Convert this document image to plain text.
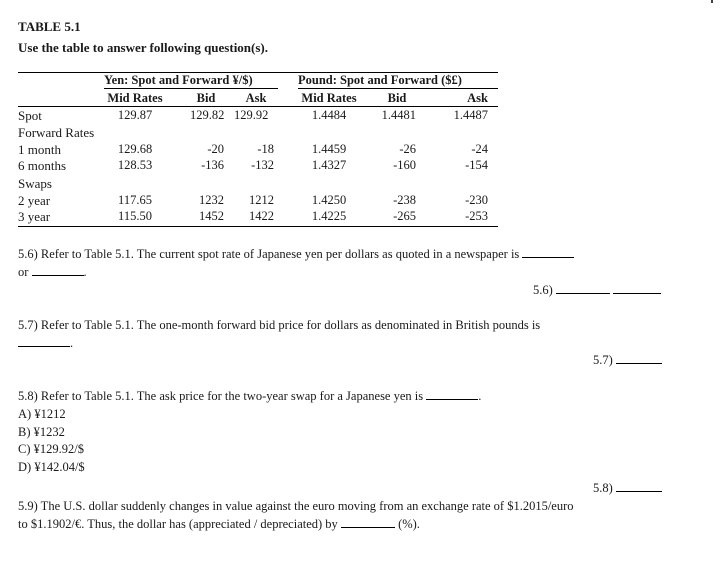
TABLE 5.1
Use the table to answer following question(s).
Yen: Spot and Forward ¥/$)	Pound: Spot and Forward ($£)
Mid Rates	Bid	Ask	Mid Rates	Bid	Ask
Spot	129.87	129.82 129.92	1.4484	1.4481	1.4487
Forward Rates
1 month	129.68	-20	-18	1.4459	-26	-24
6 months	128.53	-136	-132	1.4327	-160	-154
Swaps
2 year	117.65	1232	1212	1.4250	-238	-230
3 year	115.50	1452	1422	1.4225	-265	-253
5.6) Refer to Table 5.1. The current spot rate of Japanese yen per dollars as quoted in a newspaper is
or	.
5.6)
5.7) Refer to Table 5.1. The one-month forward bid price for dollars as denominated in British pounds is
.
5.7)
5.8) Refer to Table 5.1. The ask price for the two-year swap for a Japanese yen is	.
A) ¥1212
B) ¥1232
C) ¥129.92/$
D) ¥142.04/$
5.8)
5.9) The U.S. dollar suddenly changes in value against the euro moving from an exchange rate of $1.2015/euro
to $1.1902/€. Thus, the dollar has (appreciated / depreciated) by	(%).
